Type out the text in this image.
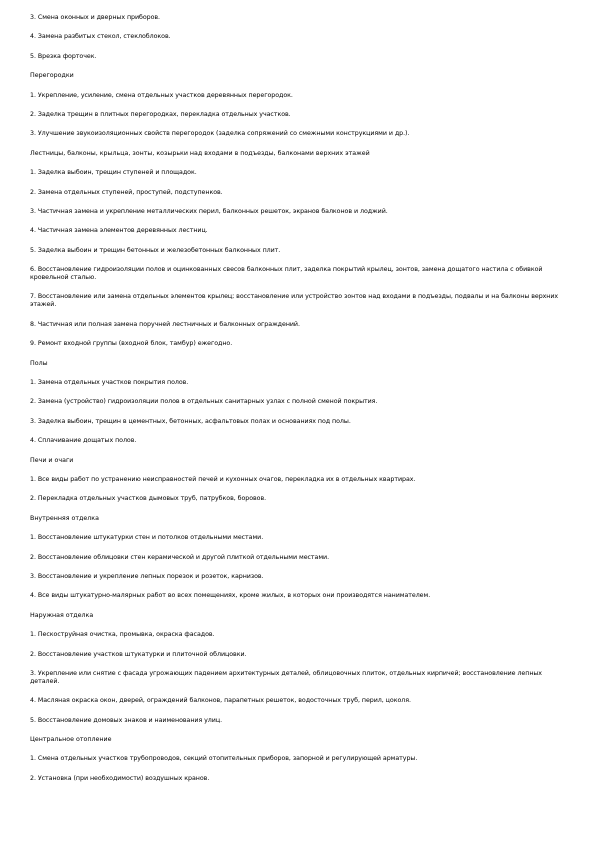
3. Смена оконных и дверных приборов.

4. Замена разбитых стекол, стеклоблоков.

5. Врезка форточек.

Перегородки

1. Укрепление, усиление, смена отдельных участков деревянных перегородок.

2. Заделка трещин в плитных перегородках, перекладка отдельных участков.

3. Улучшение звукоизоляционных свойств перегородок (заделка сопряжений со смежными конструкциями и др.).

Лестницы, балконы, крыльца, зонты, козырьки над входами в подъезды, балконами верхних этажей

1. Заделка выбоин, трещин ступеней и площадок.

2. Замена отдельных ступеней, проступей, подступенков.

3. Частичная замена и укрепление металлических перил, балконных решеток, экранов балконов и лоджий.

4. Частичная замена элементов деревянных лестниц.

5. Заделка выбоин и трещин бетонных и железобетонных балконных плит.

6. Восстановление гидроизоляции полов и оцинкованных свесов балконных плит, заделка покрытий крылец, зонтов, замена дощатого настила с обивкой кровельной сталью.

7. Восстановление или замена отдельных элементов крылец; восстановление или устройство зонтов над входами в подъезды, подвалы и на балконы верхних этажей.

8. Частичная или полная замена поручней лестничных и балконных ограждений.

9. Ремонт входной группы (входной блок, тамбур) ежегодно.

Полы

1. Замена отдельных участков покрытия полов.

2. Замена (устройство) гидроизоляции полов в отдельных санитарных узлах с полной сменой покрытия.

3. Заделка выбоин, трещин в цементных, бетонных, асфальтовых полах и основаниях под полы.

4. Сплачивание дощатых полов.

Печи и очаги

1. Все виды работ по устранению неисправностей печей и кухонных очагов, перекладка их в отдельных квартирах.

2. Перекладка отдельных участков дымовых труб, патрубков, боровов.

Внутренняя отделка

1. Восстановление штукатурки стен и потолков отдельными местами.

2. Восстановление облицовки стен керамической и другой плиткой отдельными местами.

3. Восстановление и укрепление лепных порезок и розеток, карнизов.

4. Все виды штукатурно-малярных работ во всех помещениях, кроме жилых, в которых они производятся нанимателем.

Наружная отделка

1. Пескоструйная очистка, промывка, окраска фасадов.

2. Восстановление участков штукатурки и плиточной облицовки.

3. Укрепление или снятие с фасада угрожающих падением архитектурных деталей, облицовочных плиток, отдельных кирпичей; восстановление лепных деталей.

4. Масляная окраска окон, дверей, ограждений балконов, парапетных решеток, водосточных труб, перил, цоколя.

5. Восстановление домовых знаков и наименования улиц.

Центральное отопление

1. Смена отдельных участков трубопроводов, секций отопительных приборов, запорной и регулирующей арматуры.

2. Установка (при необходимости) воздушных кранов.
